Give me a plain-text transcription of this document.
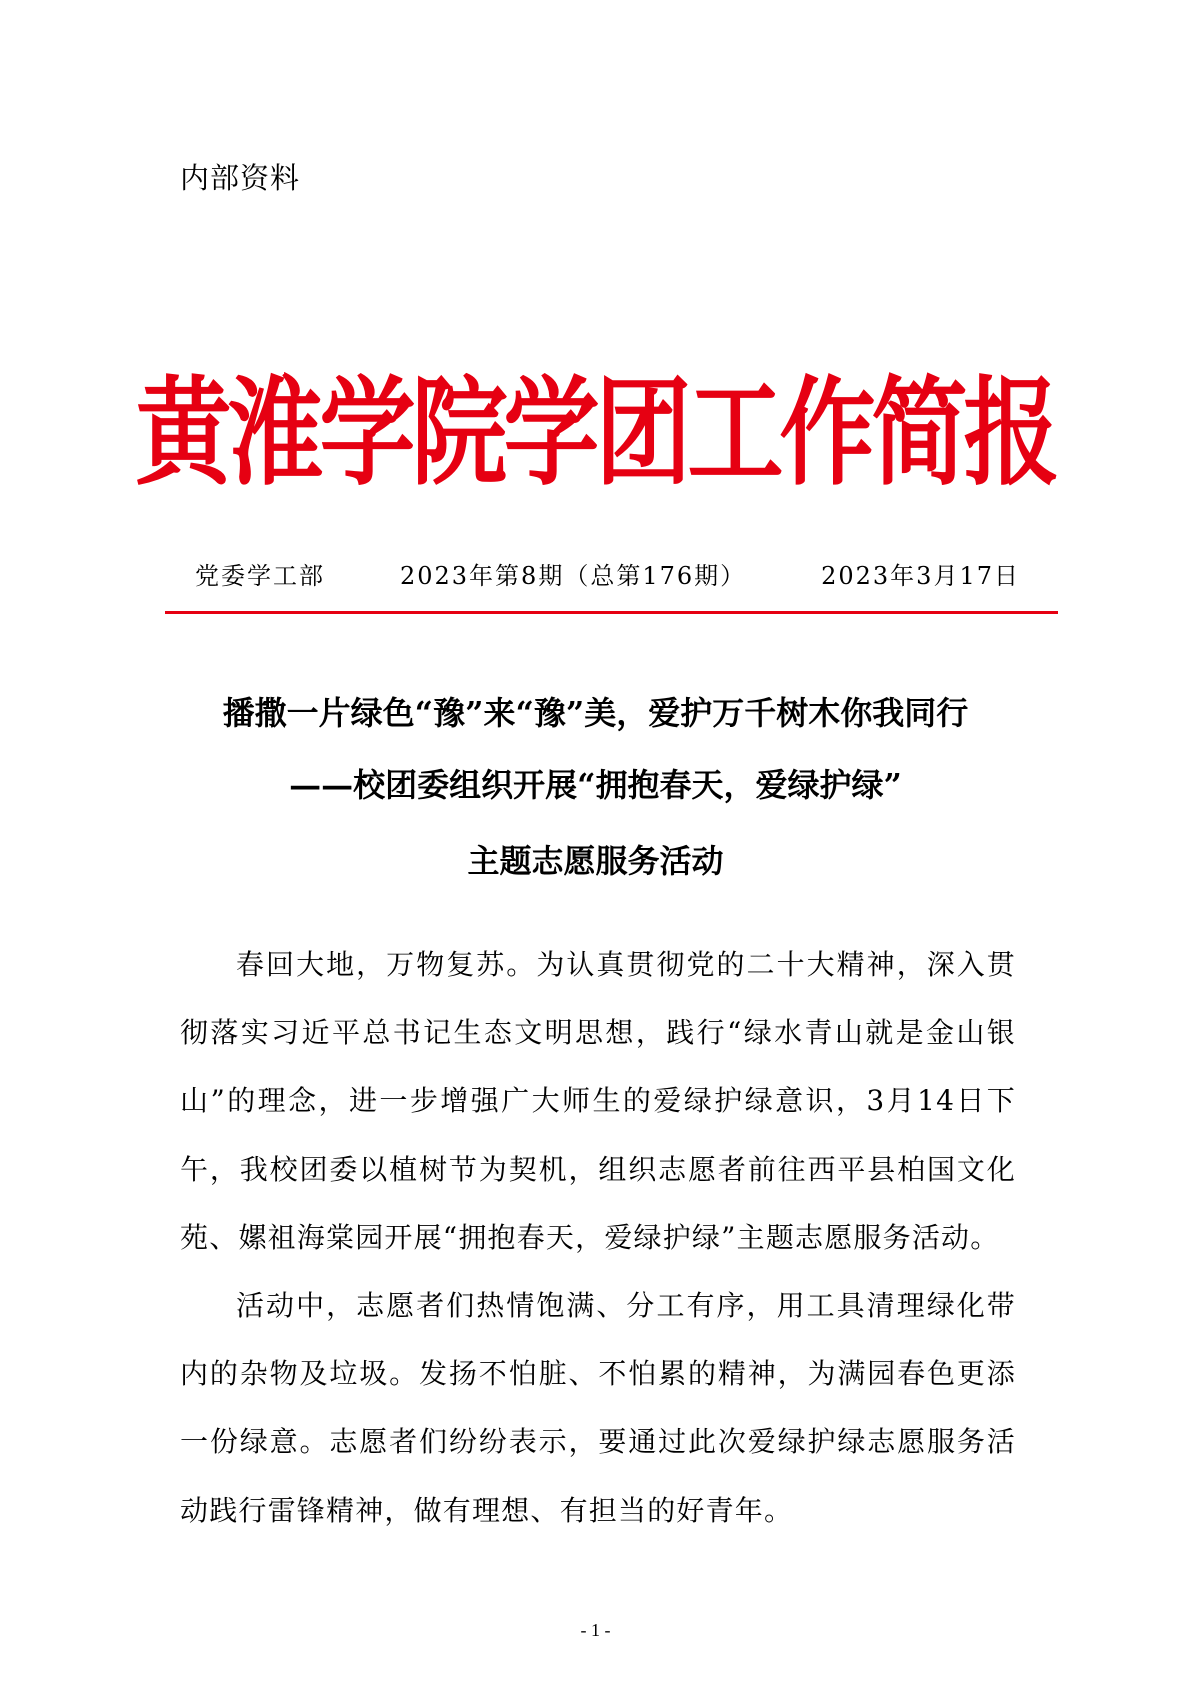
内部资料
黄淮学院学团工作简报
党委学工部	2023年第8期（总第176期）	2023年3月17日
播撒一片绿色“豫”来“豫”美，爱护万千树木你我同行
——校团委组织开展“拥抱春天，爱绿护绿”
主题志愿服务活动

春回大地，万物复苏。为认真贯彻党的二十大精神，深入贯彻落实习近平总书记生态文明思想，践行“绿水青山就是金山银山”的理念，进一步增强广大师生的爱绿护绿意识，3月14日下午，我校团委以植树节为契机，组织志愿者前往西平县柏国文化苑、嫘祖海棠园开展“拥抱春天，爱绿护绿”主题志愿服务活动。

活动中，志愿者们热情饱满、分工有序，用工具清理绿化带内的杂物及垃圾。发扬不怕脏、不怕累的精神，为满园春色更添一份绿意。志愿者们纷纷表示，要通过此次爱绿护绿志愿服务活动践行雷锋精神，做有理想、有担当的好青年。

- 1 -
